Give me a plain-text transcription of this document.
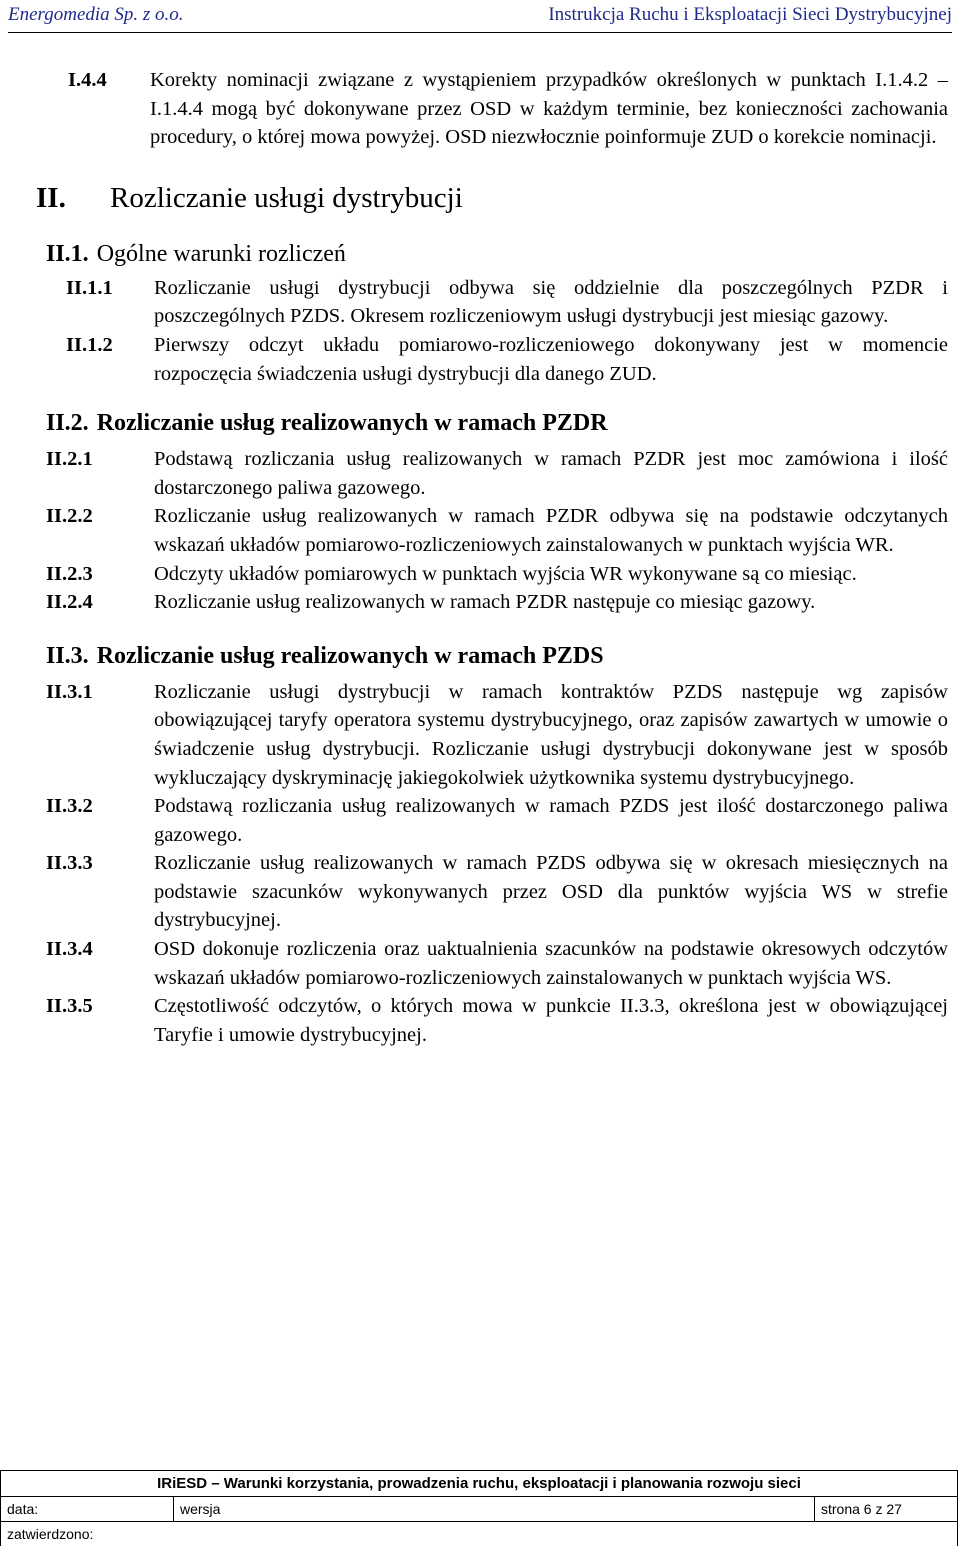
Energomedia Sp. z o.o.	Instrukcja Ruchu i Eksploatacji Sieci Dystrybucyjnej
I.4.4	Korekty nominacji związane z wystąpieniem przypadków określonych w punktach I.1.4.2 –I.1.4.4 mogą być dokonywane przez OSD w każdym terminie, bez konieczności zachowania procedury, o której mowa powyżej. OSD niezwłocznie poinformuje ZUD o korekcie nominacji.
II.	Rozliczanie usługi dystrybucji
II.1. Ogólne warunki rozliczeń
II.1.1	Rozliczanie usługi dystrybucji odbywa się oddzielnie dla poszczególnych PZDR i poszczególnych PZDS. Okresem rozliczeniowym usługi dystrybucji jest miesiąc gazowy.
II.1.2	Pierwszy odczyt układu pomiarowo-rozliczeniowego dokonywany jest w momencie rozpoczęcia świadczenia usługi dystrybucji dla danego ZUD.
II.2. Rozliczanie usług realizowanych w ramach PZDR
II.2.1	Podstawą rozliczania usług realizowanych w ramach PZDR jest moc zamówiona i ilość dostarczonego paliwa gazowego.
II.2.2	Rozliczanie usług realizowanych w ramach PZDR odbywa się na podstawie odczytanych wskazań układów pomiarowo-rozliczeniowych zainstalowanych w punktach wyjścia WR.
II.2.3	Odczyty układów pomiarowych w punktach wyjścia WR wykonywane są co miesiąc.
II.2.4	Rozliczanie usług realizowanych w ramach PZDR następuje co miesiąc gazowy.
II.3. Rozliczanie usług realizowanych w ramach PZDS
II.3.1	Rozliczanie usługi dystrybucji w ramach kontraktów PZDS następuje wg zapisów obowiązującej taryfy operatora systemu dystrybucyjnego, oraz zapisów zawartych w umowie o świadczenie usług dystrybucji. Rozliczanie usługi dystrybucji dokonywane jest w sposób wykluczający dyskryminację jakiegokolwiek użytkownika systemu dystrybucyjnego.
II.3.2	Podstawą rozliczania usług realizowanych w ramach PZDS jest ilość dostarczonego paliwa gazowego.
II.3.3	Rozliczanie usług realizowanych w ramach PZDS odbywa się w okresach miesięcznych na podstawie szacunków wykonywanych przez OSD dla punktów wyjścia WS w strefie dystrybucyjnej.
II.3.4	OSD dokonuje rozliczenia oraz uaktualnienia szacunków na podstawie okresowych odczytów wskazań układów pomiarowo-rozliczeniowych zainstalowanych w punktach wyjścia WS.
II.3.5	Częstotliwość odczytów, o których mowa w punkcie II.3.3, określona jest w obowiązującej Taryfie i umowie dystrybucyjnej.
IRiESD – Warunki korzystania, prowadzenia ruchu, eksploatacji i planowania rozwoju sieci
data:	wersja	strona 6 z 27
zatwierdzono:
